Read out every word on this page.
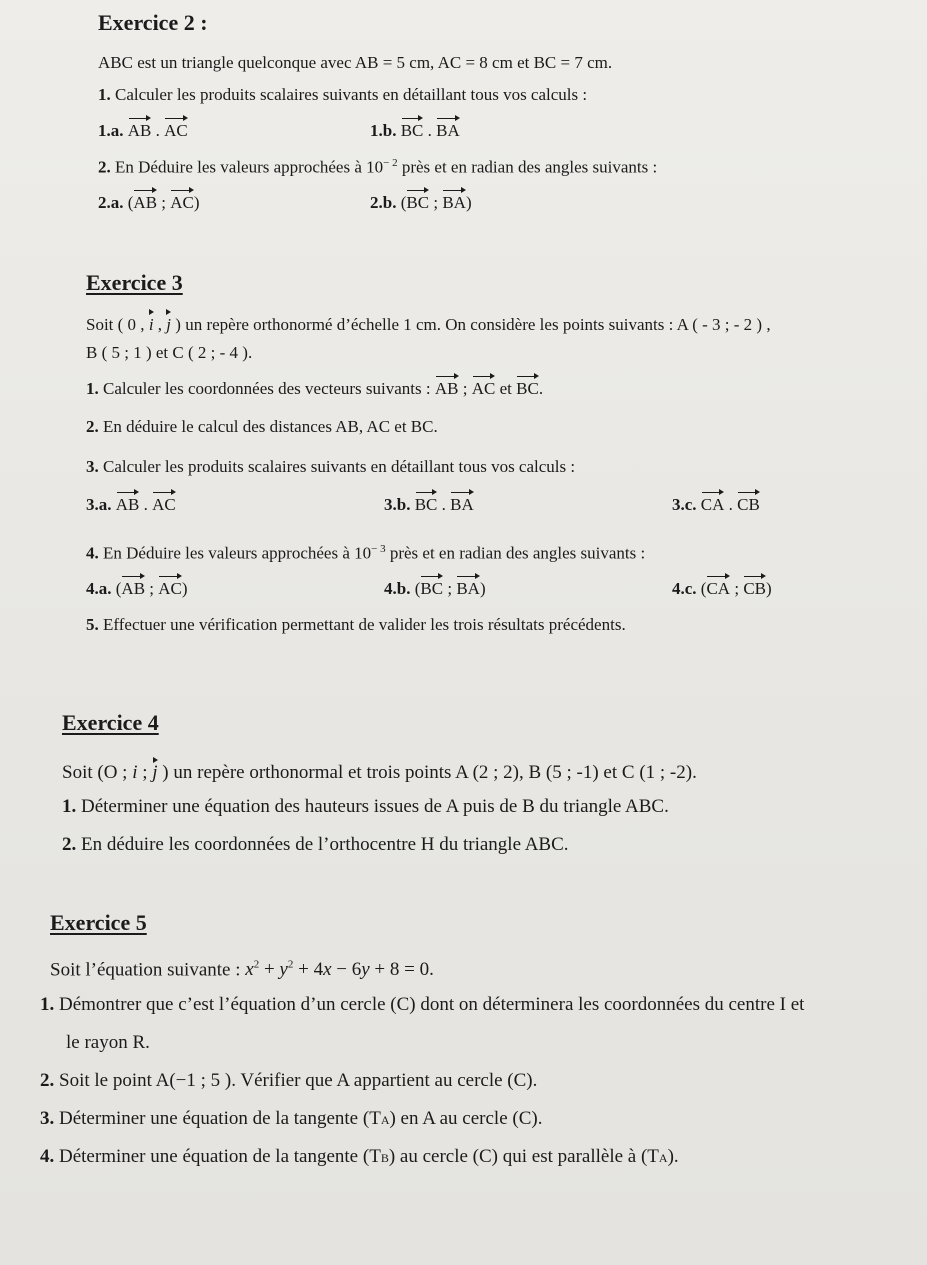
Exercice 2 :
ABC est un triangle quelconque avec AB = 5 cm, AC = 8 cm et BC = 7 cm.
1. Calculer les produits scalaires suivants en détaillant tous vos calculs :
1.a. AB . AC	1.b. BC . BA
2. En Déduire les valeurs approchées à $10^{- 2}$ près et en radian des angles suivants :
2.a. (AB ; AC)	2.b. (BC ; BA)
Exercice 3
Soit ( 0 , i , j ) un repère orthonormé d’échelle 1 cm. On considère les points suivants : A ( - 3 ; - 2 ) ,
B ( 5 ; 1 ) et C ( 2 ; - 4 ).
1. Calculer les coordonnées des vecteurs suivants : AB ; AC et BC.
2. En déduire le calcul des distances AB, AC et BC.
3. Calculer les produits scalaires suivants en détaillant tous vos calculs :
3.a. AB . AC	3.b. BC . BA	3.c. CA . CB
4. En Déduire les valeurs approchées à $10^{- 3}$ près et en radian des angles suivants :
4.a. (AB ; AC)	4.b. (BC ; BA)	4.c. (CA ; CB)
5. Effectuer une vérification permettant de valider les trois résultats précédents.
Exercice 4
Soit (O ; i ; j ) un repère orthonormal et trois points A (2 ; 2), B (5 ; -1) et C (1 ; -2).
1. Déterminer une équation des hauteurs issues de A puis de B du triangle ABC.
2. En déduire les coordonnées de l’orthocentre H du triangle ABC.
Exercice 5
Soit l’équation suivante : $x^2 + y^2 + 4x - 6y + 8 = 0$.
1. Démontrer que c’est l’équation d’un cercle (C) dont on déterminera les coordonnées du centre I et
le rayon R.
2. Soit le point A(−1 ; 5 ). Vérifier que A appartient au cercle (C).
3. Déterminer une équation de la tangente (TA) en A au cercle (C).
4. Déterminer une équation de la tangente (TB) au cercle (C) qui est parallèle à (TA).
